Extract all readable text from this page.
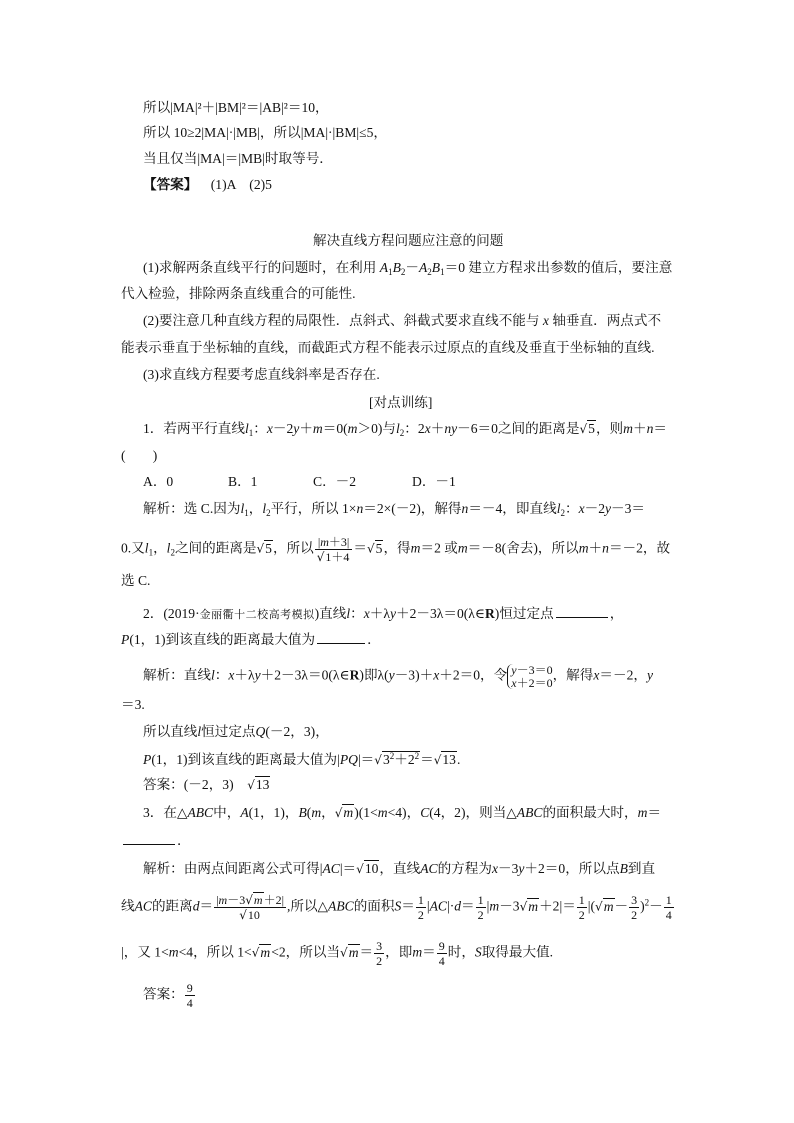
所以|MA|²＋|BM|²＝|AB|²＝10，
所以 10≥2|MA|·|MB|，所以|MA|·|BM|≤5，
当且仅当|MA|＝|MB|时取等号．
【答案】 (1)A　(2)5
解决直线方程问题应注意的问题
(1)求解两条直线平行的问题时，在利用 $A_1B_2-A_2B_1=0$ 建立方程求出参数的值后，要注意
代入检验，排除两条直线重合的可能性.
(2)要注意几种直线方程的局限性．点斜式、斜截式要求直线不能与 x 轴垂直．两点式不
能表示垂直于坐标轴的直线，而截距式方程不能表示过原点的直线及垂直于坐标轴的直线.
(3)求直线方程要考虑直线斜率是否存在.
[对点训练]
1．若两平行直线$l_1$：x－2y＋m＝0(m＞0)与$l_2$：2x＋ny－6＝0之间的距离是√5，则m＋n＝
(　　)
A．0	B．1	C．－2	D．－1
解析：选 C.因为$l_1$，$l_2$平行，所以 1×n＝2×(－2)，解得n＝－4，即直线$l_2$：x－2y－3＝
0.又$l_1$，$l_2$之间的距离是√5，所以 $\frac{|m+3|}{√1+4} =√5$，得m＝2 或m＝－8(舍去)，所以m＋n＝－2，故
选 C.
2．(2019·金丽衢十二校高考模拟)直线l：x＋λy＋2－3λ＝0(λ∈R)恒过定点	，
P(1，1)到该直线的距离最大值为	．
解析：直线l：x＋λy＋2－3λ＝0(λ∈R)即λ(y－3)＋x＋2＝0，令 y－3＝0
x＋2＝0，解得x＝－2，y
＝3.
所以直线l恒过定点Q(－2，3)，
P(1，1)到该直线的距离最大值为$|PQ|=√3^2+2^2=√13$.
答案：(－2，3)　√13
3．在△ABC中，A(1，1)，B(m，√m)(1<m<4)，C(4，2)，则当△ABC的面积最大时，m＝
．
解析：由两点间距离公式可得|AC|＝√10，直线AC的方程为x－3y＋2＝0，所以点B到直
线AC的距离$d= \frac{|m-3√m+2|}{√10}$ ,所以△ABC的面积$S= \frac{1}{2} |AC|\cdot d= \frac{1}{2} |m-3√m+2|= \frac{1}{2} |(√m- \frac{3}{2} )^2- \frac{1}{4}$
|，又 1<m<4，所以 1<√m<2，所以当$√m= \frac{3}{2}$ ，即$m= \frac{9}{4}$ 时，S取得最大值.
答案： $\frac{9}{4}$
